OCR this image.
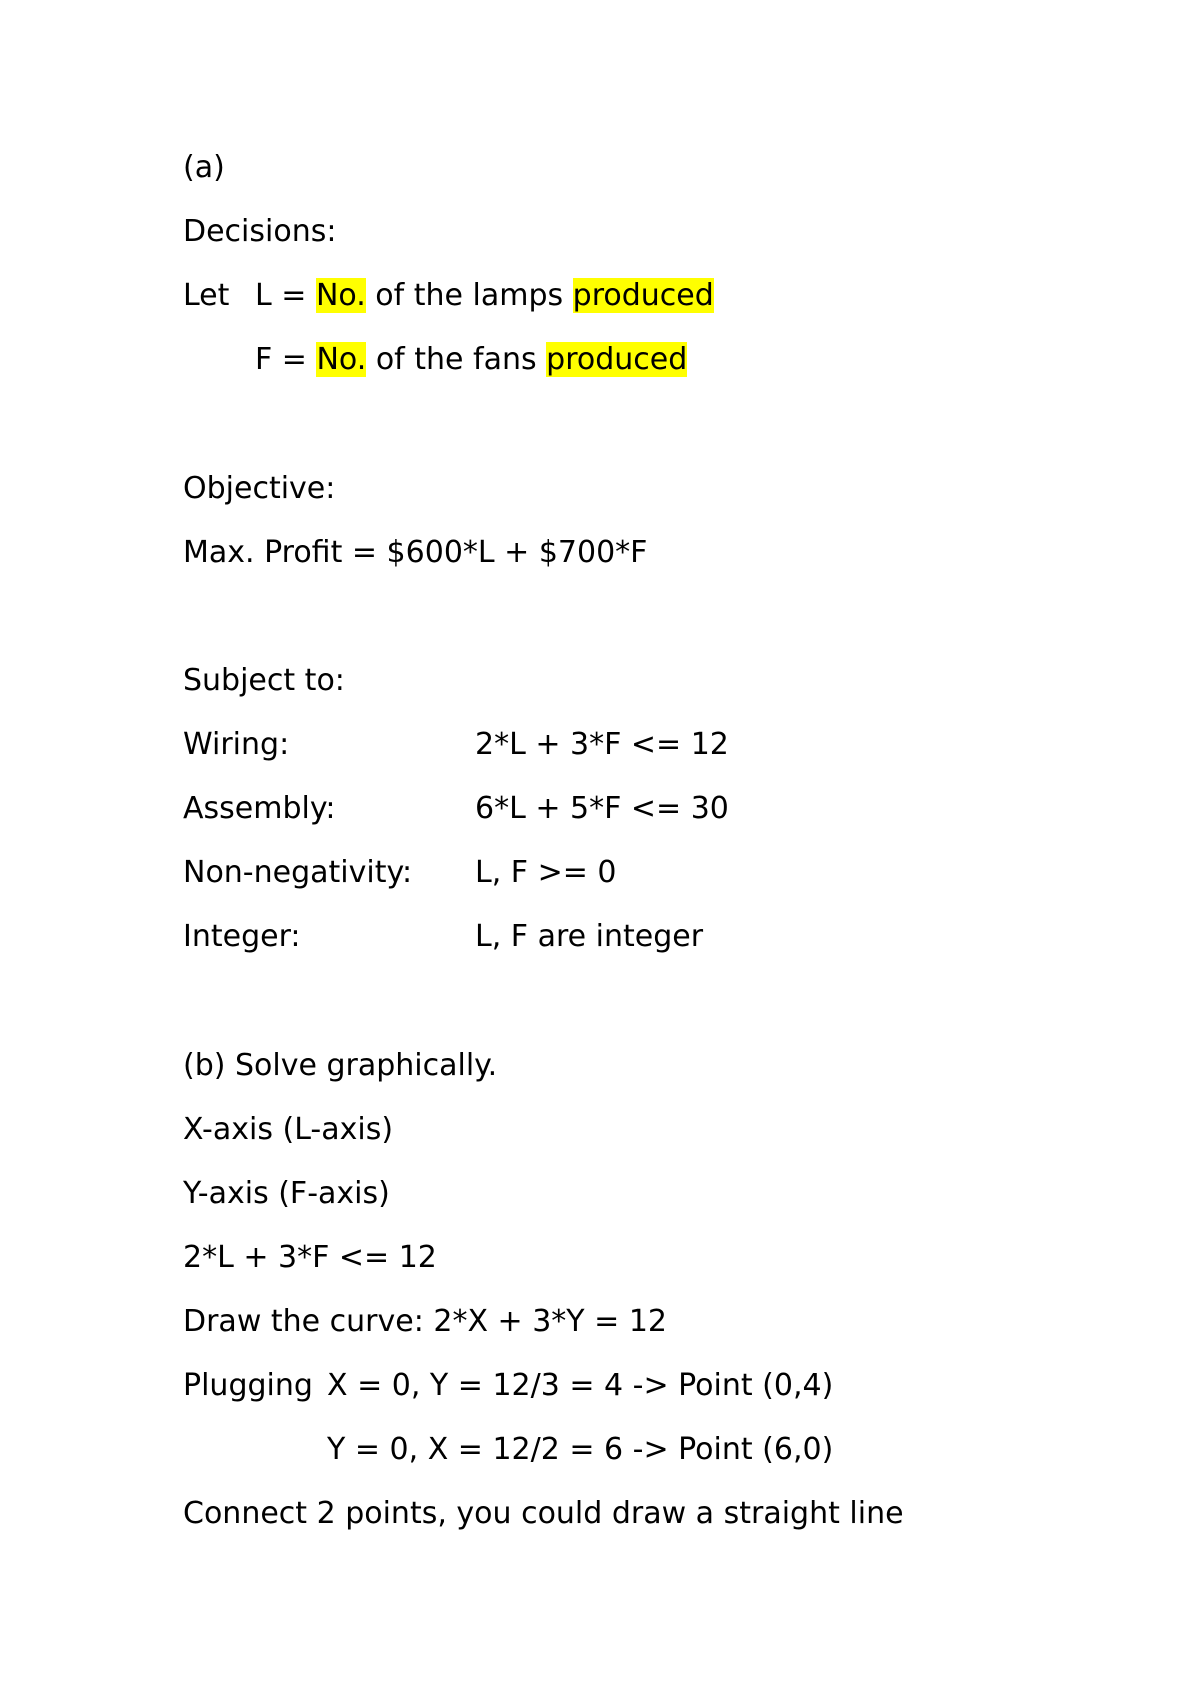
(a)
Decisions:
Let L = No. of the lamps produced
F = No. of the fans produced
Objective:
Max. Profit = $600*L + $700*F
Subject to:
Wiring:	2*L + 3*F <= 12
Assembly:	6*L + 5*F <= 30
Non-negativity: L, F >= 0
Integer:	L, F are integer
(b) Solve graphically.
X-axis (L-axis)
Y-axis (F-axis)
2*L + 3*F <= 12
Draw the curve: 2*X + 3*Y = 12
Plugging X = 0, Y = 12/3 = 4 -> Point (0,4)
Y = 0, X = 12/2 = 6 -> Point (6,0)
Connect 2 points, you could draw a straight line
